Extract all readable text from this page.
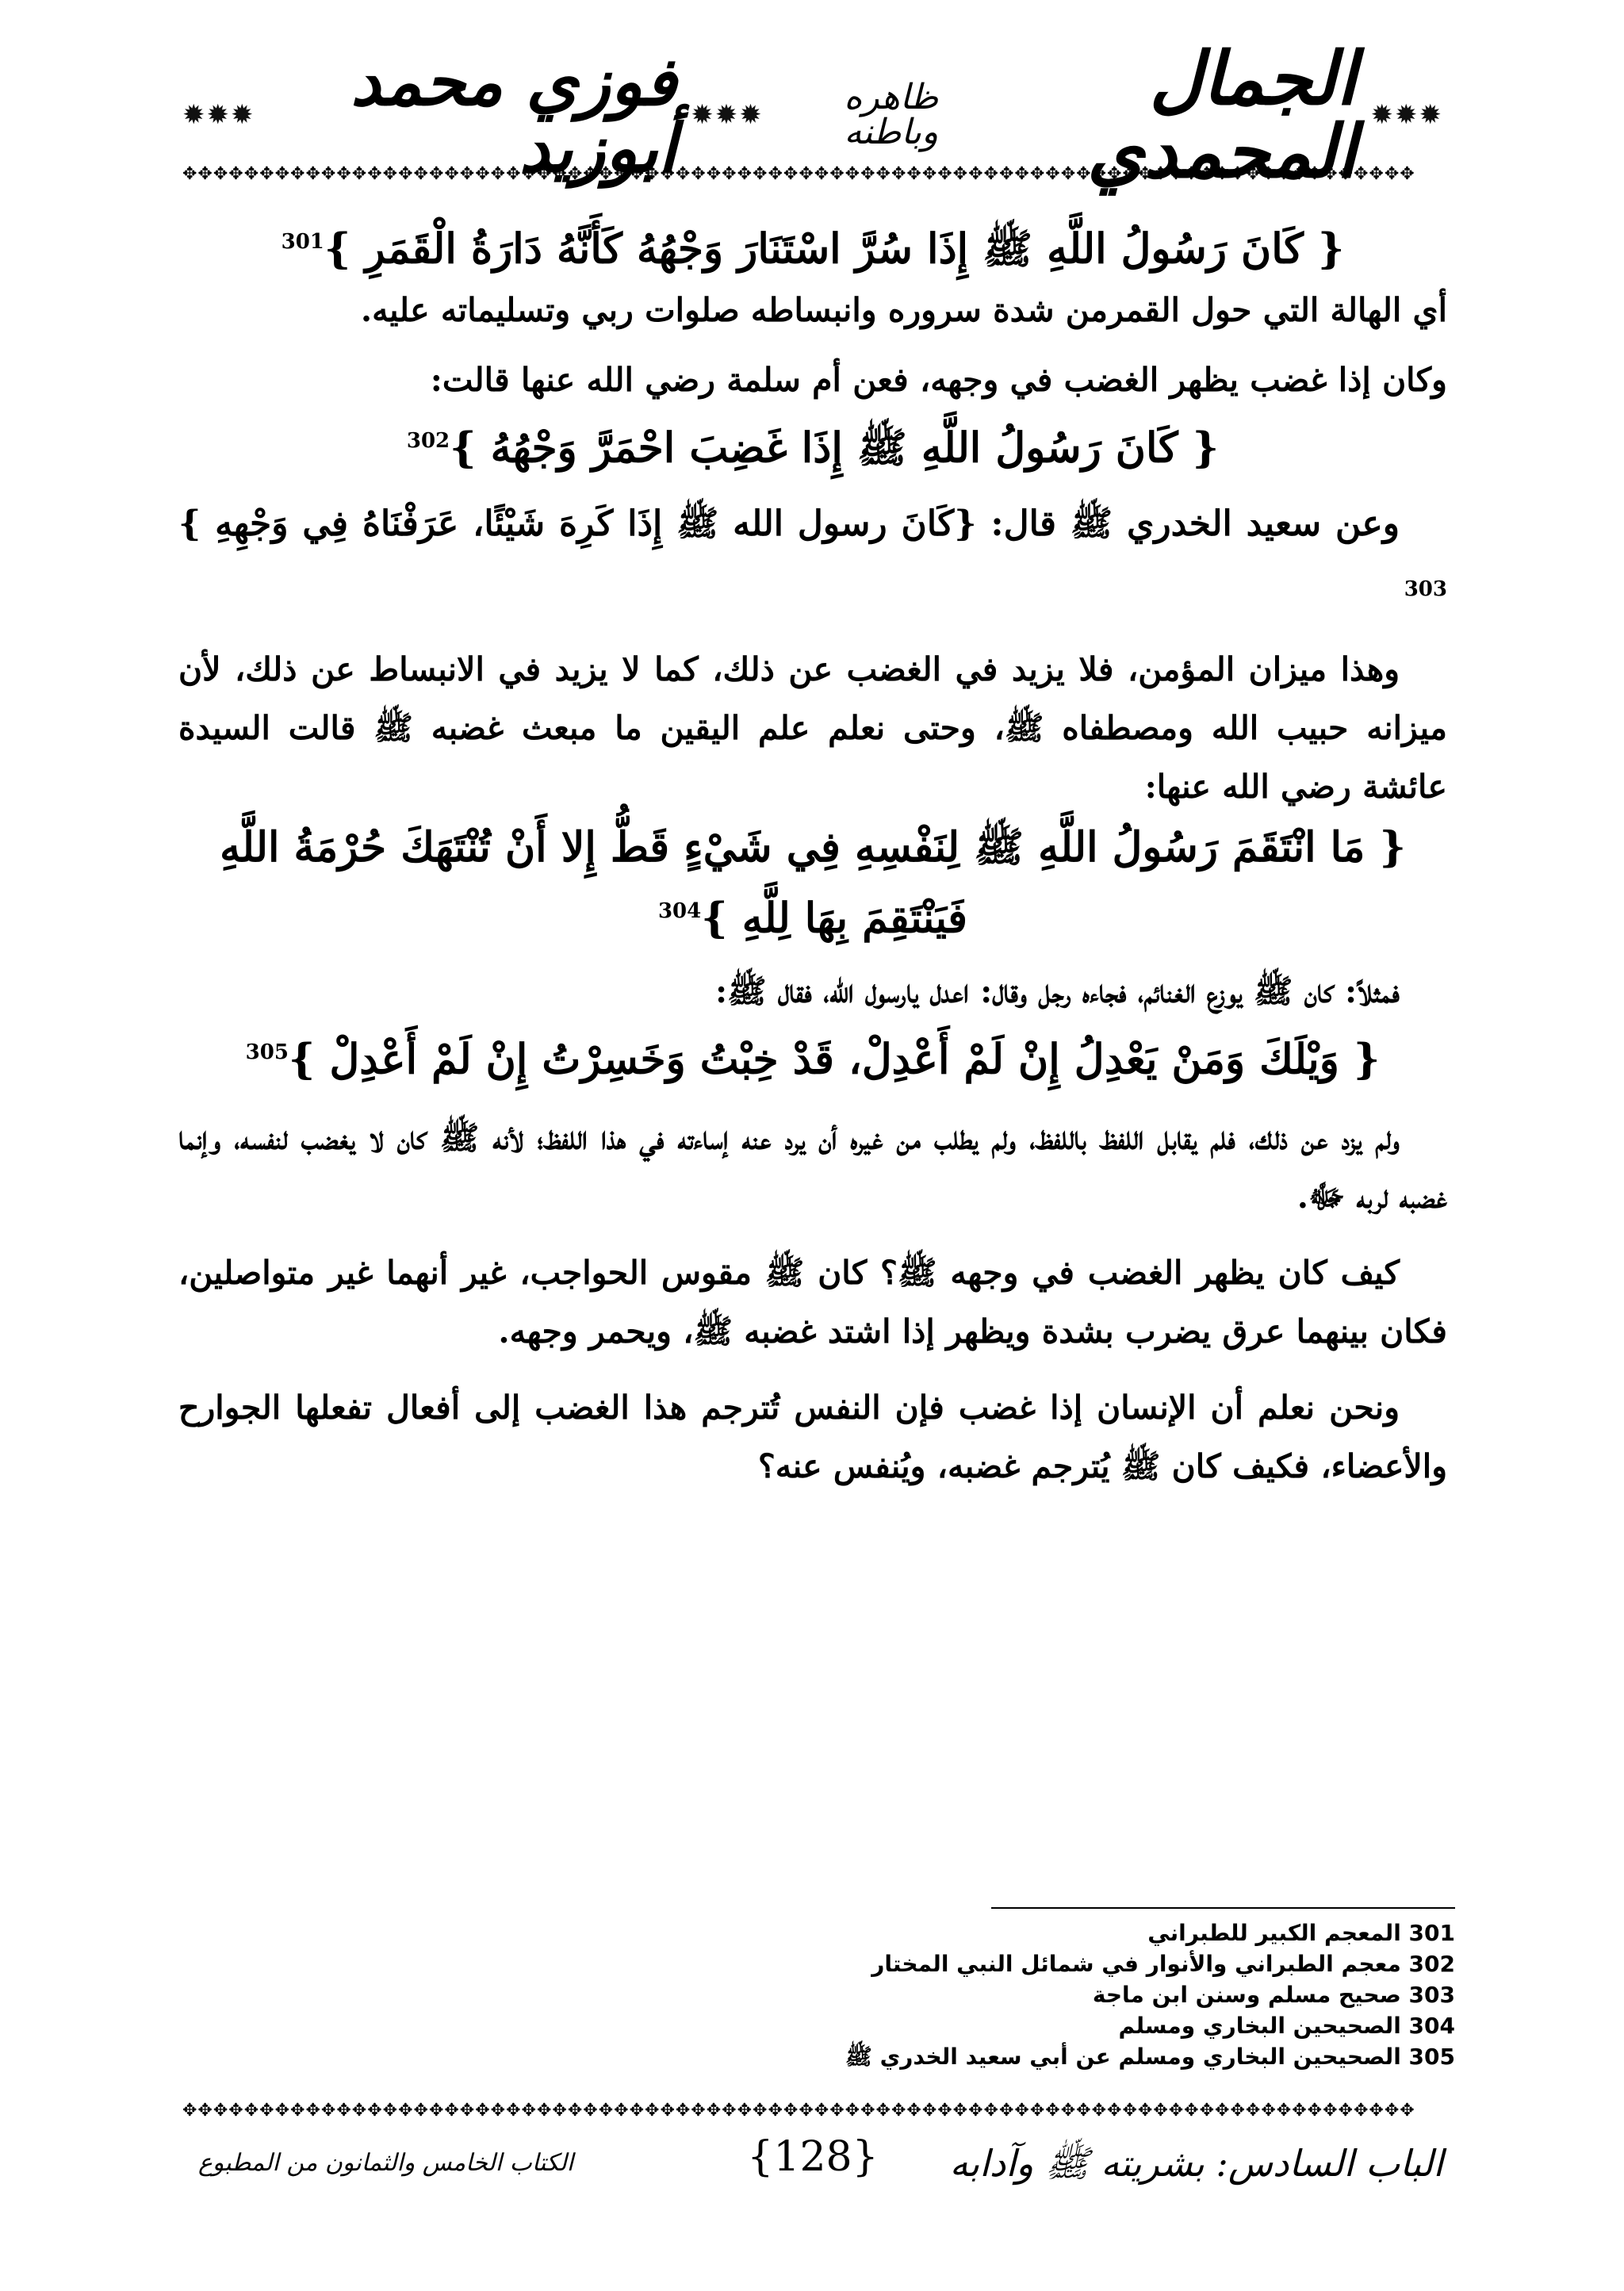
✹✹✹
الجمال المحمدي
ظاهره وباطنه
✹✹✹
فوزي محمد أبوزيد
✹✹✹
✥✥✥✥✥✥✥✥✥✥✥✥✥✥✥✥✥✥✥✥✥✥✥✥✥✥✥✥✥✥✥✥✥✥✥✥✥✥✥✥✥✥✥✥✥✥✥✥✥✥✥✥✥✥✥✥✥✥✥✥✥✥✥✥✥✥✥✥✥✥✥✥✥✥✥✥✥✥✥✥

{ كَانَ رَسُولُ اللَّهِ ﷺ إِذَا سُرَّ اسْتَنَارَ وَجْهُهُ كَأَنَّهُ دَارَةُ الْقَمَرِ }$^{301}$

أي الهالة التي حول القمرمن شدة سروره وانبساطه صلوات ربي وتسليماته عليه.

وكان إذا غضب يظهر الغضب في وجهه، فعن أم سلمة رضي الله عنها قالت:

{ كَانَ رَسُولُ اللَّهِ ﷺ إِذَا غَضِبَ احْمَرَّ وَجْهُهُ }$^{302}$

وعن سعيد الخدري ﷺ قال: {كَانَ رسول الله ﷺ إِذَا كَرِهَ شَيْئًا، عَرَفْنَاهُ فِي وَجْهِهِ } $^{303}$

وهذا ميزان المؤمن، فلا يزيد في الغضب عن ذلك، كما لا يزيد في الانبساط عن ذلك، لأن ميزانه حبيب الله ومصطفاه ﷺ، وحتى نعلم علم اليقين ما مبعث غضبه ﷺ قالت السيدة عائشة رضي الله عنها:

{ مَا انْتَقَمَ رَسُولُ اللَّهِ ﷺ لِنَفْسِهِ فِي شَيْءٍ قَطُّ إِلا أَنْ تُنْتَهَكَ حُرْمَةُ اللَّهِ فَيَنْتَقِمَ بِهَا لِلَّهِ }$^{304}$

فمثلاً: كان ﷺ يوزع الغنائم، فجاءه رجل وقال: اعدل يارسول الله، فقال ﷺ:

{ وَيْلَكَ وَمَنْ يَعْدِلُ إِنْ لَمْ أَعْدِلْ، قَدْ خِبْتُ وَخَسِرْتُ إِنْ لَمْ أَعْدِلْ }$^{305}$

ولم يزد عن ذلك، فلم يقابل اللفظ باللفظ، ولم يطلب من غيره أن يرد عنه إساءته في هذا اللفظ؛ لأنه ﷺ كان لا يغضب لنفسه، وإنما غضبه لربه ﷻ.

كيف كان يظهر الغضب في وجهه ﷺ؟ كان ﷺ مقوس الحواجب، غير أنهما غير متواصلين، فكان بينهما عرق يضرب بشدة ويظهر إذا اشتد غضبه ﷺ، ويحمر وجهه.

ونحن نعلم أن الإنسان إذا غضب فإن النفس تُترجم هذا الغضب إلى أفعال تفعلها الجوارح والأعضاء، فكيف كان ﷺ يُترجم غضبه، ويُنفس عنه؟

301 المعجم الكبير للطبراني
302 معجم الطبراني والأنوار في شمائل النبي المختار
303 صحيح مسلم وسنن ابن ماجة
304 الصحيحين البخاري ومسلم
305 الصحيحين البخاري ومسلم عن أبي سعيد الخدري ﷺ
✥✥✥✥✥✥✥✥✥✥✥✥✥✥✥✥✥✥✥✥✥✥✥✥✥✥✥✥✥✥✥✥✥✥✥✥✥✥✥✥✥✥✥✥✥✥✥✥✥✥✥✥✥✥✥✥✥✥✥✥✥✥✥✥✥✥✥✥✥✥✥✥✥✥✥✥✥✥✥✥
الباب السادس: بشريته ﷺ وآدابه
{128}
الكتاب الخامس والثمانون من المطبوع
